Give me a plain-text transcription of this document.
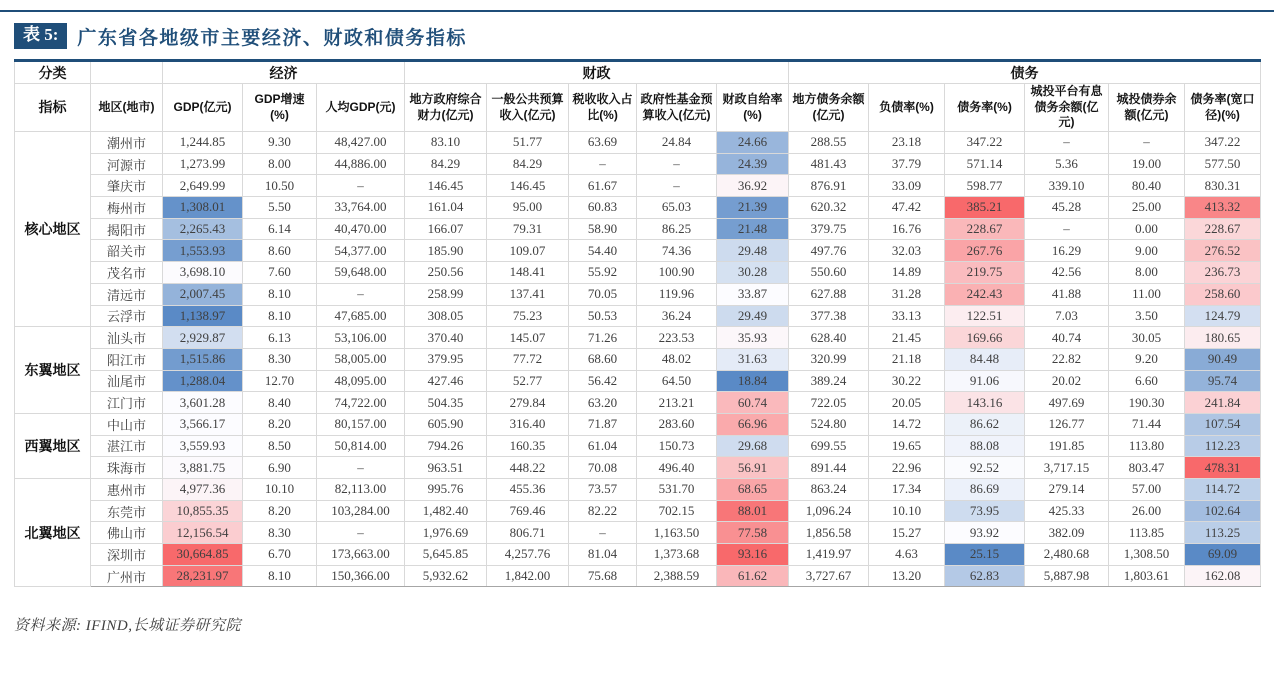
表 5:	广东省各地级市主要经济、财政和债务指标
分类		经济			财政					债务					
指标	地区(地市)	GDP(亿元)	GDP增速(%)	人均GDP(元)	地方政府综合财力(亿元)	一般公共预算收入(亿元)	税收收入占比(%)	政府性基金预算收入(亿元)	财政自给率(%)	地方债务余额(亿元)	负债率(%)	债务率(%)	城投平台有息债务余额(亿元)	城投债券余额(亿元)	债务率(宽口径)(%)
核心地区	潮州市	1,244.85	9.30	48,427.00	83.10	51.77	63.69	24.84	24.66	288.55	23.18	347.22	–	–	347.22
	河源市	1,273.99	8.00	44,886.00	84.29	84.29	–	–	24.39	481.43	37.79	571.14	5.36	19.00	577.50
	肇庆市	2,649.99	10.50	–	146.45	146.45	61.67	–	36.92	876.91	33.09	598.77	339.10	80.40	830.31
	梅州市	1,308.01	5.50	33,764.00	161.04	95.00	60.83	65.03	21.39	620.32	47.42	385.21	45.28	25.00	413.32
	揭阳市	2,265.43	6.14	40,470.00	166.07	79.31	58.90	86.25	21.48	379.75	16.76	228.67	–	0.00	228.67
	韶关市	1,553.93	8.60	54,377.00	185.90	109.07	54.40	74.36	29.48	497.76	32.03	267.76	16.29	9.00	276.52
	茂名市	3,698.10	7.60	59,648.00	250.56	148.41	55.92	100.90	30.28	550.60	14.89	219.75	42.56	8.00	236.73
	清远市	2,007.45	8.10	–	258.99	137.41	70.05	119.96	33.87	627.88	31.28	242.43	41.88	11.00	258.60
	云浮市	1,138.97	8.10	47,685.00	308.05	75.23	50.53	36.24	29.49	377.38	33.13	122.51	7.03	3.50	124.79
东翼地区	汕头市	2,929.87	6.13	53,106.00	370.40	145.07	71.26	223.53	35.93	628.40	21.45	169.66	40.74	30.05	180.65
	阳江市	1,515.86	8.30	58,005.00	379.95	77.72	68.60	48.02	31.63	320.99	21.18	84.48	22.82	9.20	90.49
	汕尾市	1,288.04	12.70	48,095.00	427.46	52.77	56.42	64.50	18.84	389.24	30.22	91.06	20.02	6.60	95.74
	江门市	3,601.28	8.40	74,722.00	504.35	279.84	63.20	213.21	60.74	722.05	20.05	143.16	497.69	190.30	241.84
西翼地区	中山市	3,566.17	8.20	80,157.00	605.90	316.40	71.87	283.60	66.96	524.80	14.72	86.62	126.77	71.44	107.54
	湛江市	3,559.93	8.50	50,814.00	794.26	160.35	61.04	150.73	29.68	699.55	19.65	88.08	191.85	113.80	112.23
	珠海市	3,881.75	6.90	–	963.51	448.22	70.08	496.40	56.91	891.44	22.96	92.52	3,717.15	803.47	478.31
北翼地区	惠州市	4,977.36	10.10	82,113.00	995.76	455.36	73.57	531.70	68.65	863.24	17.34	86.69	279.14	57.00	114.72
	东莞市	10,855.35	8.20	103,284.00	1,482.40	769.46	82.22	702.15	88.01	1,096.24	10.10	73.95	425.33	26.00	102.64
	佛山市	12,156.54	8.30	–	1,976.69	806.71	–	1,163.50	77.58	1,856.58	15.27	93.92	382.09	113.85	113.25
	深圳市	30,664.85	6.70	173,663.00	5,645.85	4,257.76	81.04	1,373.68	93.16	1,419.97	4.63	25.15	2,480.68	1,308.50	69.09
	广州市	28,231.97	8.10	150,366.00	5,932.62	1,842.00	75.68	2,388.59	61.62	3,727.67	13.20	62.83	5,887.98	1,803.61	162.08
资料来源: IFIND,长城证券研究院
